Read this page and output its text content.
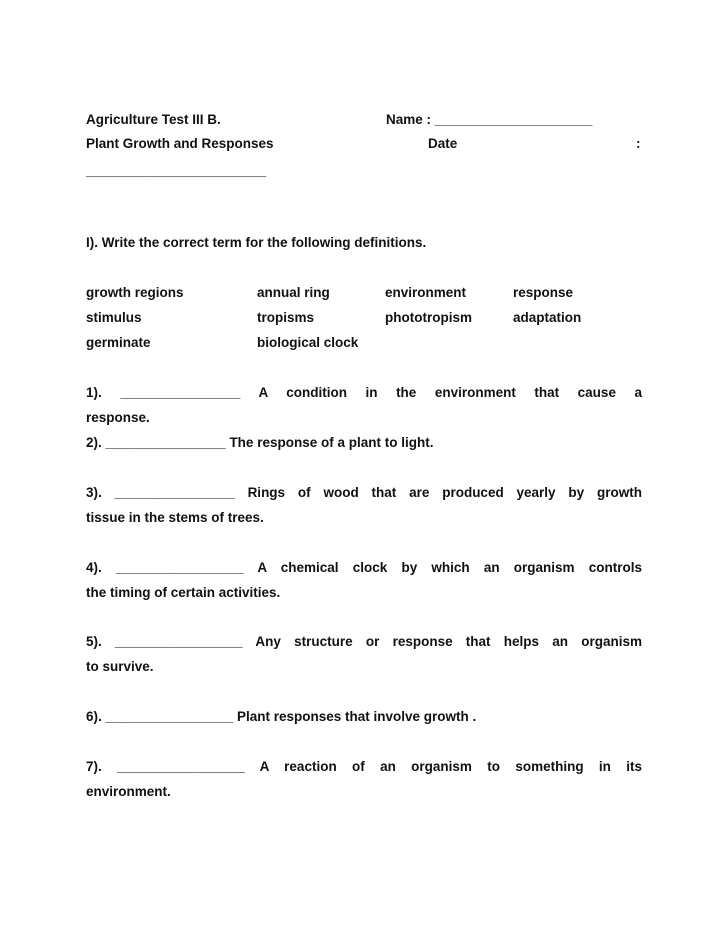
Agriculture Test III B.	Name : _____________________
Plant Growth and Responses	Date	:
________________________
I). Write the correct term for the following definitions.
growth regions	annual ring	environment	response
stimulus	tropisms	phototropism	adaptation
germinate	biological clock
1). ________________ A condition in the environment that cause a
response.
2). ________________ The response of a plant to light.
3). ________________ Rings of wood that are produced yearly by growth
tissue in the stems of trees.
4). _________________ A chemical clock by which an organism controls
the timing of certain activities.
5). _________________ Any structure or response that helps an organism
to survive.
6). _________________ Plant responses that involve growth .
7). _________________ A reaction of an organism to something in its
environment.
